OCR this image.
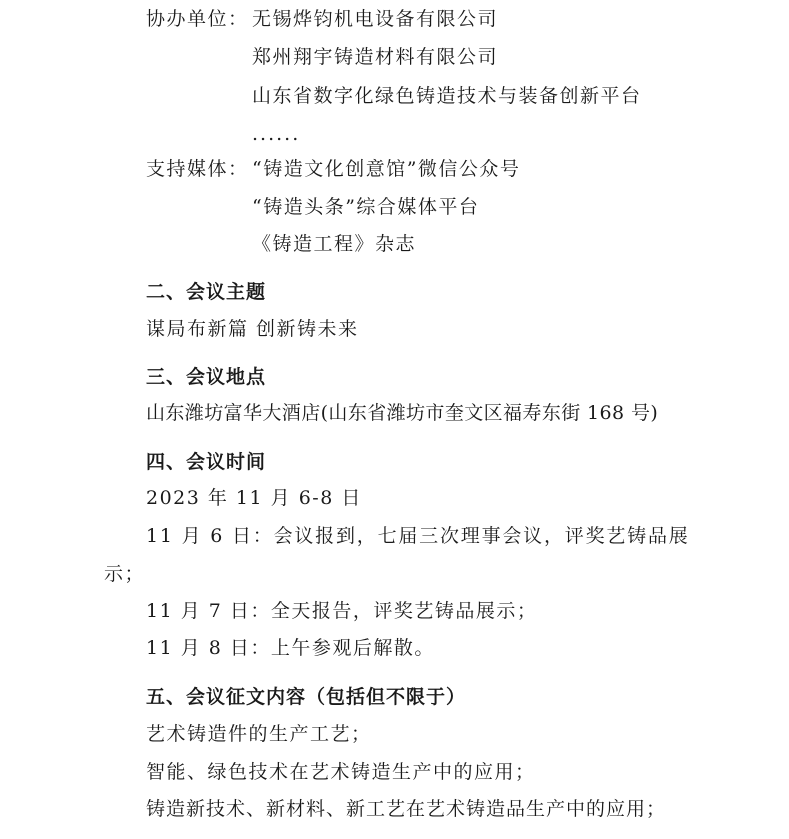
协办单位： 无锡烨钧机电设备有限公司
郑州翔宇铸造材料有限公司
山东省数字化绿色铸造技术与装备创新平台
......
支持媒体： “铸造文化创意馆”微信公众号
“铸造头条”综合媒体平台
《铸造工程》杂志
二、会议主题
谋局布新篇 创新铸未来
三、会议地点
山东潍坊富华大酒店(山东省潍坊市奎文区福寿东街 168 号)
四、会议时间
2023 年 11 月 6-8 日
11 月 6 日：会议报到，七届三次理事会议，评奖艺铸品展
示；
11 月 7 日：全天报告，评奖艺铸品展示；
11 月 8 日：上午参观后解散。
五、会议征文内容（包括但不限于）
艺术铸造件的生产工艺；
智能、绿色技术在艺术铸造生产中的应用；
铸造新技术、新材料、新工艺在艺术铸造品生产中的应用；
